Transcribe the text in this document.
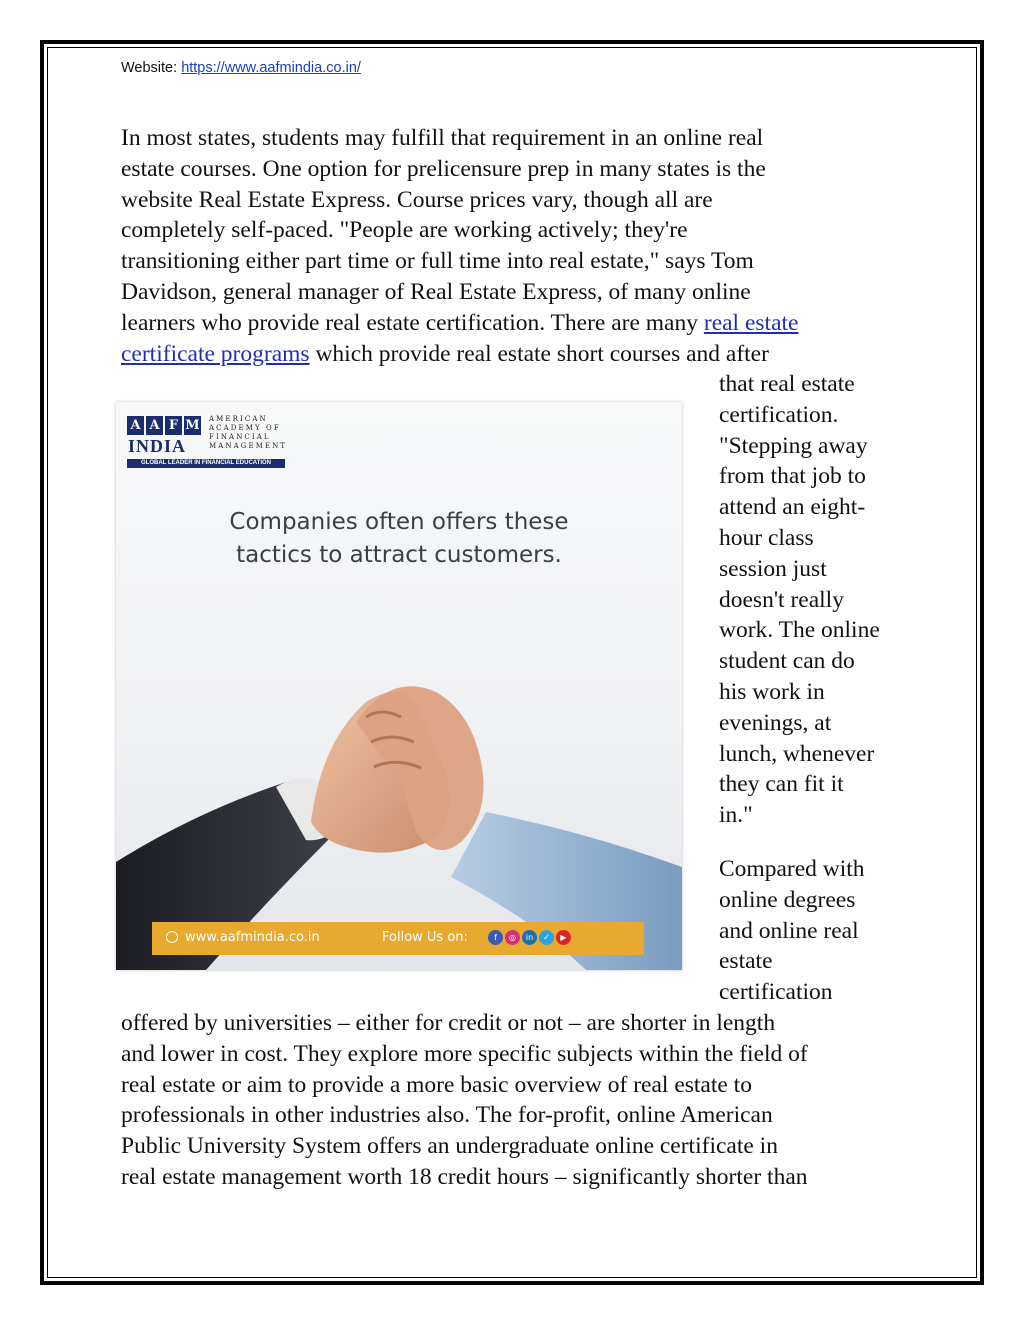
Website: https://www.aafmindia.co.in/
In most states, students may fulfill that requirement in an online real
estate courses. One option for prelicensure prep in many states is the
website Real Estate Express. Course prices vary, though all are
completely self-paced. "People are working actively; they're
transitioning either part time or full time into real estate," says Tom
Davidson, general manager of Real Estate Express, of many online
learners who provide real estate certification. There are many real estate
certificate programs which provide real estate short courses and after
that real estate
certification.
"Stepping away
from that job to
attend an eight-
hour class
session just
doesn't really
work. The online
student can do
his work in
evenings, at
lunch, whenever
they can fit it
in."
Compared with
online degrees
and online real
estate
certification
offered by universities – either for credit or not – are shorter in length
and lower in cost. They explore more specific subjects within the field of
real estate or aim to provide a more basic overview of real estate to
professionals in other industries also. The for-profit, online American
Public University System offers an undergraduate online certificate in
real estate management worth 18 credit hours – significantly shorter than
A A F M
INDIA
AMERICAN
ACADEMY OF
FINANCIAL
MANAGEMENT
GLOBAL LEADER IN FINANCIAL EDUCATION
Companies often offers these
tactics to attract customers.
www.aafmindia.co.in	Follow Us on:	f ◎ in ✓ ▶
